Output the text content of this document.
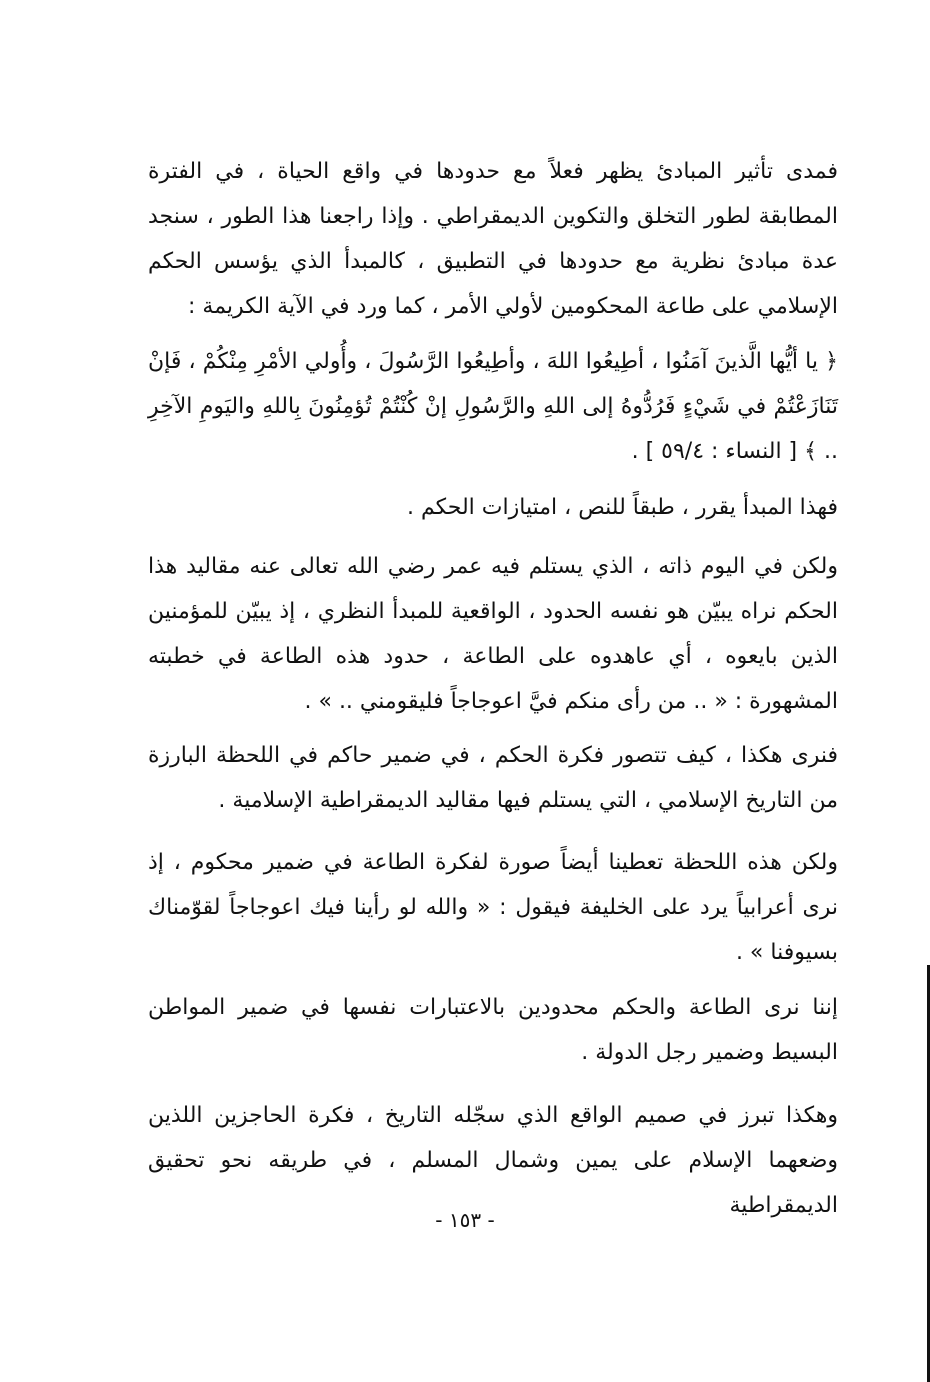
فمدى تأثير المبادئ يظهر فعلاً مع حدودها في واقع الحياة ، في الفترة المطابقة لطور التخلق والتكوين الديمقراطي . وإذا راجعنا هذا الطور ، سنجد عدة مبادئ نظرية مع حدودها في التطبيق ، كالمبدأ الذي يؤسس الحكم الإسلامي على طاعة المحكومين لأولي الأمر ، كما ورد في الآية الكريمة :

﴿ يا أيُّها الَّذينَ آمَنُوا ، أطِيعُوا اللهَ ، وأطِيعُوا الرَّسُولَ ، وأُولي الأمْرِ مِنْكُمْ ، فَإنْ تَنَازَعْتُمْ في شَيْءٍ فَرُدُّوهُ إلى اللهِ والرَّسُولِ إنْ كُنْتُمْ تُؤمِنُونَ بِاللهِ واليَومِ الآخِرِ .. ﴾ [ النساء : ٥٩/٤ ] .

فهذا المبدأ يقرر ، طبقاً للنص ، امتيازات الحكم .

ولكن في اليوم ذاته ، الذي يستلم فيه عمر رضي الله تعالى عنه مقاليد هذا الحكم نراه يبيّن هو نفسه الحدود ، الواقعية للمبدأ النظري ، إذ يبيّن للمؤمنين الذين بايعوه ، أي عاهدوه على الطاعة ، حدود هذه الطاعة في خطبته المشهورة : « .. من رأى منكم فيَّ اعوجاجاً فليقومني .. » .

فنرى هكذا ، كيف تتصور فكرة الحكم ، في ضمير حاكم في اللحظة البارزة من التاريخ الإسلامي ، التي يستلم فيها مقاليد الديمقراطية الإسلامية .

ولكن هذه اللحظة تعطينا أيضاً صورة لفكرة الطاعة في ضمير محكوم ، إذ نرى أعرابياً يرد على الخليفة فيقول : « والله لو رأينا فيك اعوجاجاً لقوّمناك بسيوفنا » .

إننا نرى الطاعة والحكم محدودين بالاعتبارات نفسها في ضمير المواطن البسيط وضمير رجل الدولة .

وهكذا تبرز في صميم الواقع الذي سجّله التاريخ ، فكرة الحاجزين اللذين وضعهما الإسلام على يمين وشمال المسلم ، في طريقه نحو تحقيق الديمقراطية

- ١٥٣ -
